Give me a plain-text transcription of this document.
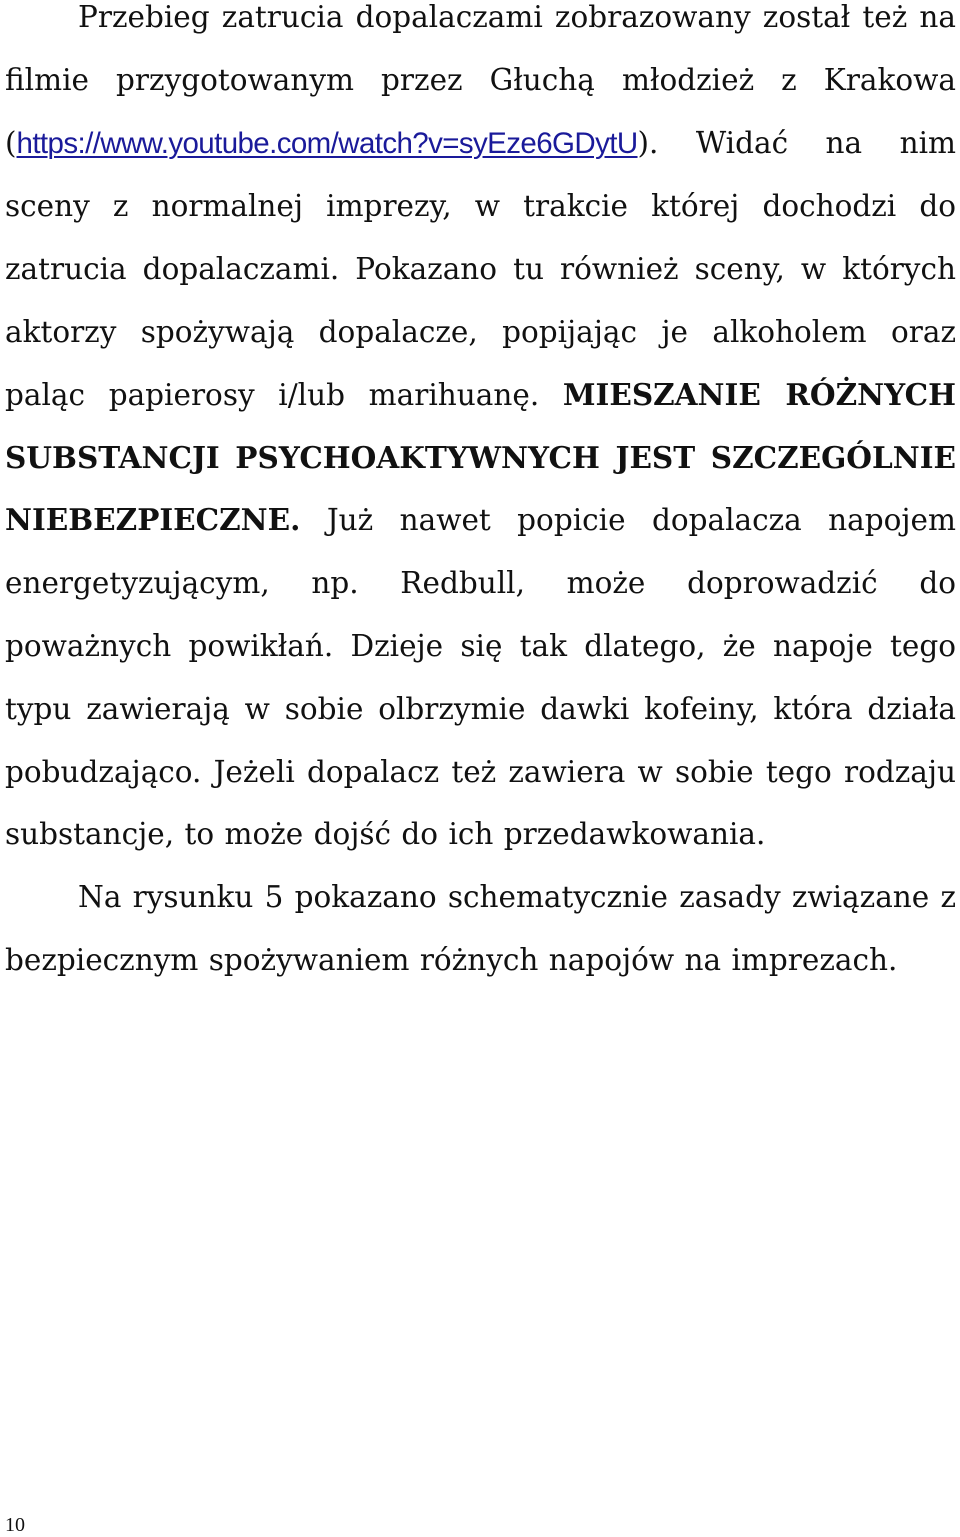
Przebieg zatrucia dopalaczami zobrazowany został też na filmie przygotowanym przez Głuchą młodzież z Krakowa (https://www.youtube.com/watch?v=syEze6GDytU). Widać na nim sceny z normalnej imprezy, w trakcie której dochodzi do zatrucia dopalaczami. Pokazano tu również sceny, w których aktorzy spożywają dopalacze, popijając je alkoholem oraz paląc papierosy i/lub marihuanę. MIESZANIE RÓŻNYCH SUBSTANCJI PSYCHOAKTYWNYCH JEST SZCZEGÓLNIE NIEBEZPIECZNE. Już nawet popicie dopalacza napojem energetyzującym, np. Redbull, może doprowadzić do poważnych powikłań. Dzieje się tak dlatego, że napoje tego typu zawierają w sobie olbrzymie dawki kofeiny, która działa pobudzająco. Jeżeli dopalacz też zawiera w sobie tego rodzaju substancje, to może dojść do ich przedawkowania.

Na rysunku 5 pokazano schematycznie zasady związane z bezpiecznym spożywaniem różnych napojów na imprezach.

10
